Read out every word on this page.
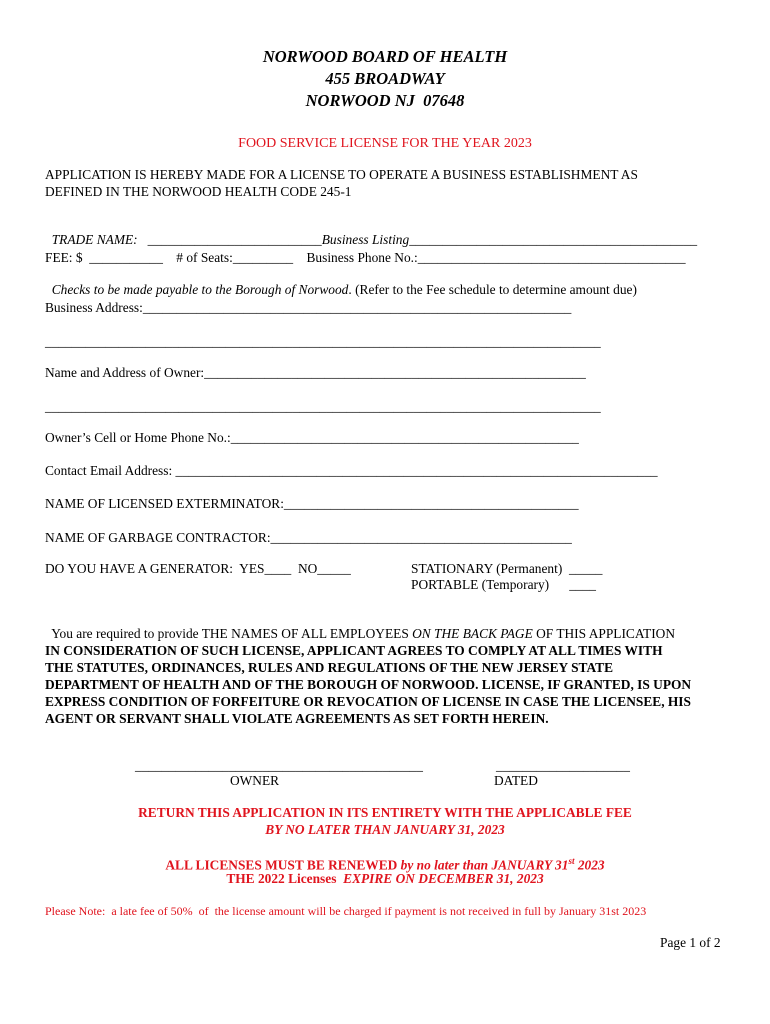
NORWOOD BOARD OF HEALTH
455 BROADWAY
NORWOOD NJ  07648
FOOD SERVICE LICENSE FOR THE YEAR 2023
APPLICATION IS HEREBY MADE FOR A LICENSE TO OPERATE A BUSINESS ESTABLISHMENT AS
DEFINED IN THE NORWOOD HEALTH CODE 245-1

TRADE NAME:   __________________________Business Listing___________________________________________

FEE: $  ___________    # of Seats:_________    Business Phone No.:________________________________________

Checks to be made payable to the Borough of Norwood. (Refer to the Fee schedule to determine amount due)

Business Address:________________________________________________________________
___________________________________________________________________________________
Name and Address of Owner:_________________________________________________________
___________________________________________________________________________________
Owner’s Cell or Home Phone No.:____________________________________________________
Contact Email Address: ________________________________________________________________________
NAME OF LICENSED EXTERMINATOR:____________________________________________
NAME OF GARBAGE CONTRACTOR:_____________________________________________
DO YOU HAVE A GENERATOR:  YES____  NO_____	STATIONARY (Permanent)  _____
PORTABLE (Temporary)      ____

You are required to provide THE NAMES OF ALL EMPLOYEES ON THE BACK PAGE OF THIS APPLICATION

IN CONSIDERATION OF SUCH LICENSE, APPLICANT AGREES TO COMPLY AT ALL TIMES WITH
THE STATUTES, ORDINANCES, RULES AND REGULATIONS OF THE NEW JERSEY STATE
DEPARTMENT OF HEALTH AND OF THE BOROUGH OF NORWOOD. LICENSE, IF GRANTED, IS UPON
EXPRESS CONDITION OF FORFEITURE OR REVOCATION OF LICENSE IN CASE THE LICENSEE, HIS
AGENT OR SERVANT SHALL VIOLATE AGREEMENTS AS SET FORTH HEREIN.
___________________________________________
OWNER
____________________
DATED
RETURN THIS APPLICATION IN ITS ENTIRETY WITH THE APPLICABLE FEE
BY NO LATER THAN JANUARY 31, 2023
ALL LICENSES MUST BE RENEWED by no later than JANUARY 31st 2023
THE 2022 Licenses  EXPIRE ON DECEMBER 31, 2023
Please Note:  a late fee of 50%  of  the license amount will be charged if payment is not received in full by January 31st 2023
Page 1 of 2
